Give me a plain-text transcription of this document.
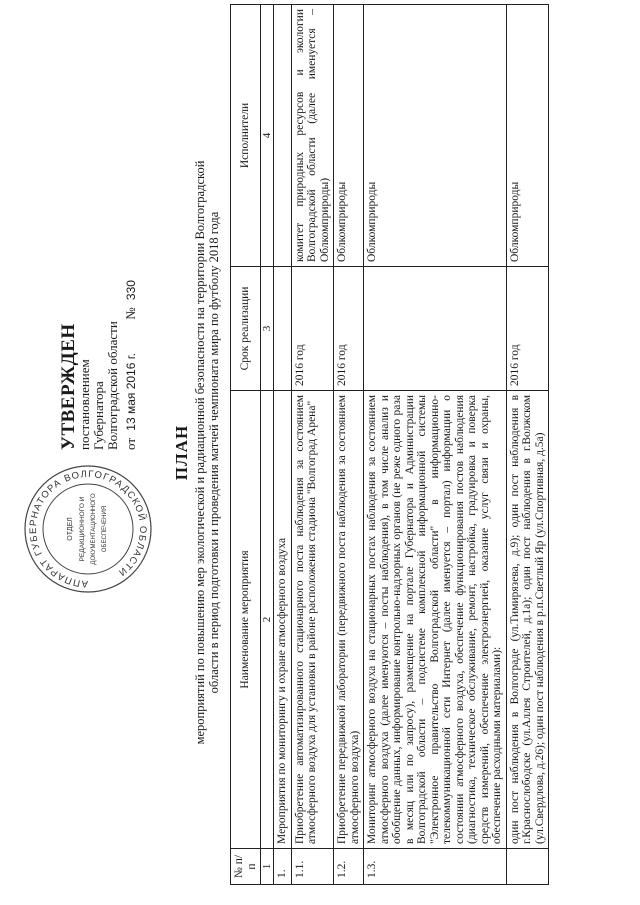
АППАРАТ ГУБЕРНАТОРА ВОЛГОГРАДСКОЙ ОБЛАСТИ
ОТДЕЛ РЕДАКЦИОННОГО И ДОКУМЕНТАЦИОННОГО ОБЕСПЕЧЕНИЯ
УТВЕРЖДЕН
постановлением Губернатора Волгоградской области от 13 мая 2016 г. № 330
ПЛАН мероприятий по повышению мер экологической и радиационной безопасности на территории Волгоградской области в период подготовки и проведения матчей чемпионата мира по футболу 2018 года
№ п/п	Наименование мероприятия	Срок реализации	Исполнители
1	2	3	4
1.	Мероприятия по мониторингу и охране атмосферного воздуха		
1.1.	Приобретение автоматизированного стационарного поста наблюдения за состоянием атмосферного воздуха для установки в районе расположения стадиона "Волгоград Арена"	2016 год	комитет природных ресурсов и экологии Волгоградской области (далее именуется – Облкомприроды)
1.2.	Приобретение передвижной лаборатории (передвижного поста наблюдения за состоянием атмосферного воздуха)	2016 год	Облкомприроды
1.3.	Мониторинг атмосферного воздуха на стационарных постах наблюдения за состоянием атмосферного воздуха (далее именуются – посты наблюдения), в том числе анализ и обобщение данных, информирование контрольно-надзорных органов (не реже одного раза в месяц или по запросу), размещение на портале Губернатора и Администрации Волгоградской области – подсистеме комплексной информационной системы "Электронное правительство Волгоградской области" в информационно-телекоммуникационной сети Интернет (далее именуется – портал) информации о состоянии атмосферного воздуха, обеспечение функционирования постов наблюдения (диагностика, техническое обслуживание, ремонт, настройка, градуировка и поверка средств измерений, обеспечение электроэнергией, оказание услуг связи и охраны, обеспечение расходными материалами):		Облкомприроды
	один пост наблюдения в Волгограде (ул.Тимирязева, д.9); один пост наблюдения в г.Краснослободске (ул.Аллея Строителей, д.1а); один пост наблюдения в г.Волжском (ул.Свердлова, д.26); один пост наблюдения в р.п.Светлый Яр (ул.Спортивная, д.5а)	2016 год	Облкомприроды
